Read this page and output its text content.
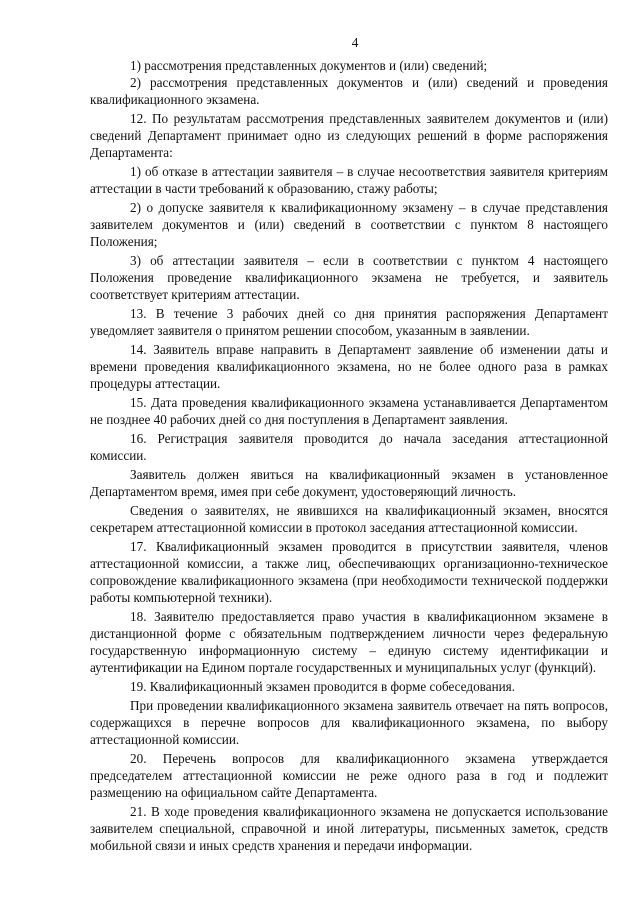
4

1) рассмотрения представленных документов и (или) сведений;

2) рассмотрения представленных документов и (или) сведений и проведения квалификационного экзамена.

12. По результатам рассмотрения представленных заявителем документов и (или) сведений Департамент принимает одно из следующих решений в форме распоряжения Департамента:

1) об отказе в аттестации заявителя – в случае несоответствия заявителя критериям аттестации в части требований к образованию, стажу работы;

2) о допуске заявителя к квалификационному экзамену – в случае представления заявителем документов и (или) сведений в соответствии с пунктом 8 настоящего Положения;

3) об аттестации заявителя – если в соответствии с пунктом 4 настоящего Положения проведение квалификационного экзамена не требуется, и заявитель соответствует критериям аттестации.

13. В течение 3 рабочих дней со дня принятия распоряжения Департамент уведомляет заявителя о принятом решении способом, указанным в заявлении.

14. Заявитель вправе направить в Департамент заявление об изменении даты и времени проведения квалификационного экзамена, но не более одного раза в рамках процедуры аттестации.

15. Дата проведения квалификационного экзамена устанавливается Департаментом не позднее 40 рабочих дней со дня поступления в Департамент заявления.

16. Регистрация заявителя проводится до начала заседания аттестационной комиссии.

Заявитель должен явиться на квалификационный экзамен в установленное Департаментом время, имея при себе документ, удостоверяющий личность.

Сведения о заявителях, не явившихся на квалификационный экзамен, вносятся секретарем аттестационной комиссии в протокол заседания аттестационной комиссии.

17. Квалификационный экзамен проводится в присутствии заявителя, членов аттестационной комиссии, а также лиц, обеспечивающих организационно-техническое сопровождение квалификационного экзамена (при необходимости технической поддержки работы компьютерной техники).

18. Заявителю предоставляется право участия в квалификационном экзамене в дистанционной форме с обязательным подтверждением личности через федеральную государственную информационную систему – единую систему идентификации и аутентификации на Едином портале государственных и муниципальных услуг (функций).

19. Квалификационный экзамен проводится в форме собеседования.

При проведении квалификационного экзамена заявитель отвечает на пять вопросов, содержащихся в перечне вопросов для квалификационного экзамена, по выбору аттестационной комиссии.

20. Перечень вопросов для квалификационного экзамена утверждается председателем аттестационной комиссии не реже одного раза в год и подлежит размещению на официальном сайте Департамента.

21. В ходе проведения квалификационного экзамена не допускается использование заявителем специальной, справочной и иной литературы, письменных заметок, средств мобильной связи и иных средств хранения и передачи информации.
